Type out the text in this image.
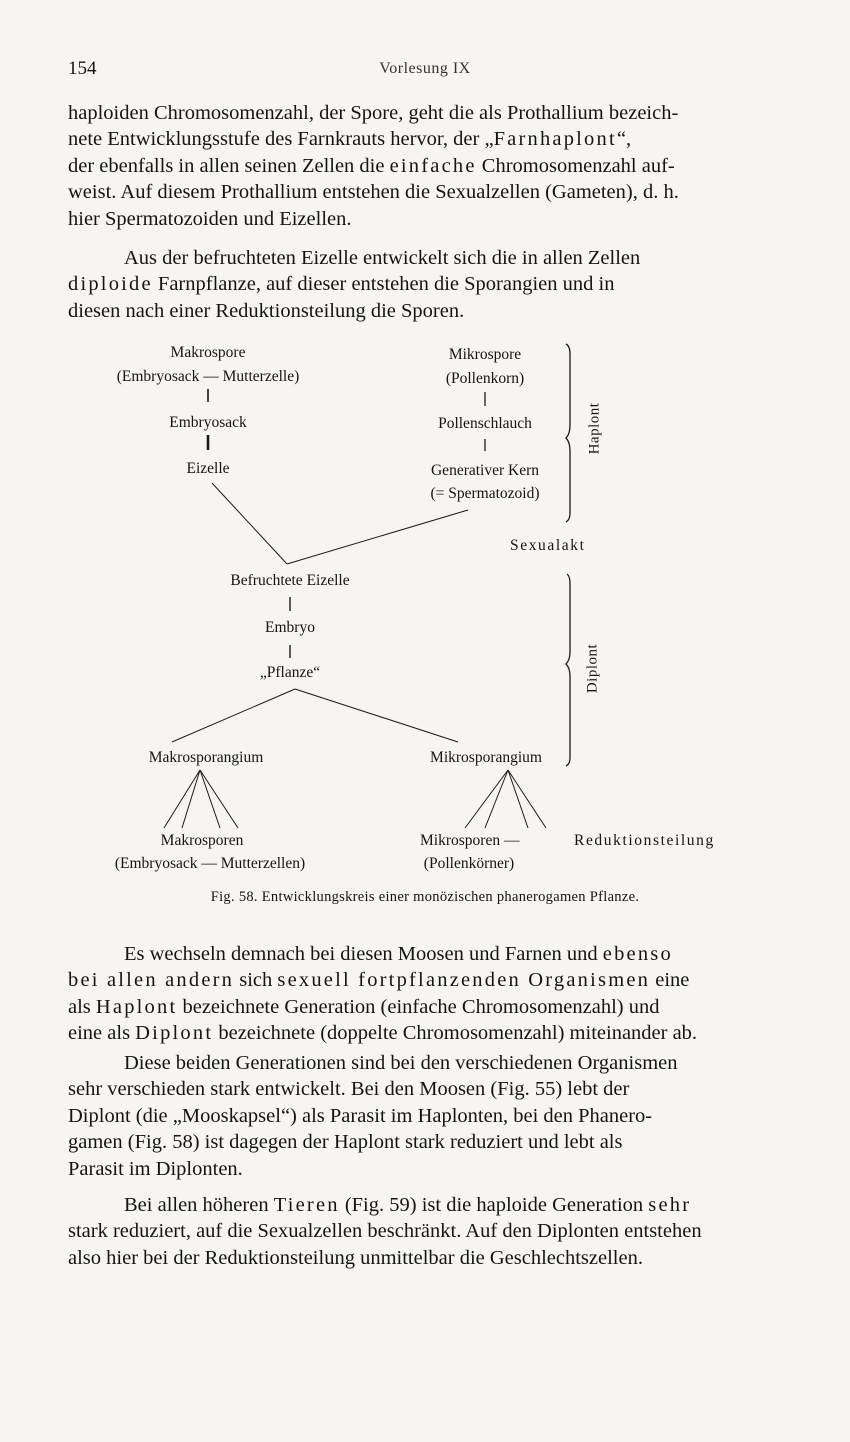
154	Vorlesung IX
haploiden Chromosomenzahl, der Spore, geht die als Prothallium bezeich-
nete Entwicklungsstufe des Farnkrauts hervor, der „Farnhaplont“,
der ebenfalls in allen seinen Zellen die einfache Chromosomenzahl auf-
weist. Auf diesem Prothallium entstehen die Sexualzellen (Gameten), d. h.
hier Spermatozoiden und Eizellen.
Aus der befruchteten Eizelle entwickelt sich die in allen Zellen
diploide Farnpflanze, auf dieser entstehen die Sporangien und in
diesen nach einer Reduktionsteilung die Sporen.
Makrospore
(Embryosack — Mutterzelle)
Embryosack
Eizelle
Mikrospore
(Pollenkorn)
Pollenschlauch
Generativer Kern
(= Spermatozoid)
Haplont
Sexualakt
Befruchtete Eizelle
Embryo
„Pflanze“	Diplont
Makrosporangium	Mikrosporangium
Makrosporen
(Embryosack — Mutterzellen)
Mikrosporen —
(Pollenkörner)
Reduktionsteilung
Fig. 58. Entwicklungskreis einer monözischen phanerogamen Pflanze.
Es wechseln demnach bei diesen Moosen und Farnen und ebenso
bei allen andern sich sexuell fortpflanzenden Organismen eine
als Haplont bezeichnete Generation (einfache Chromosomenzahl) und
eine als Diplont bezeichnete (doppelte Chromosomenzahl) miteinander ab.
Diese beiden Generationen sind bei den verschiedenen Organismen
sehr verschieden stark entwickelt. Bei den Moosen (Fig. 55) lebt der
Diplont (die „Mooskapsel“) als Parasit im Haplonten, bei den Phanero-
gamen (Fig. 58) ist dagegen der Haplont stark reduziert und lebt als
Parasit im Diplonten.
Bei allen höheren Tieren (Fig. 59) ist die haploide Generation sehr
stark reduziert, auf die Sexualzellen beschränkt. Auf den Diplonten entstehen
also hier bei der Reduktionsteilung unmittelbar die Geschlechtszellen.
